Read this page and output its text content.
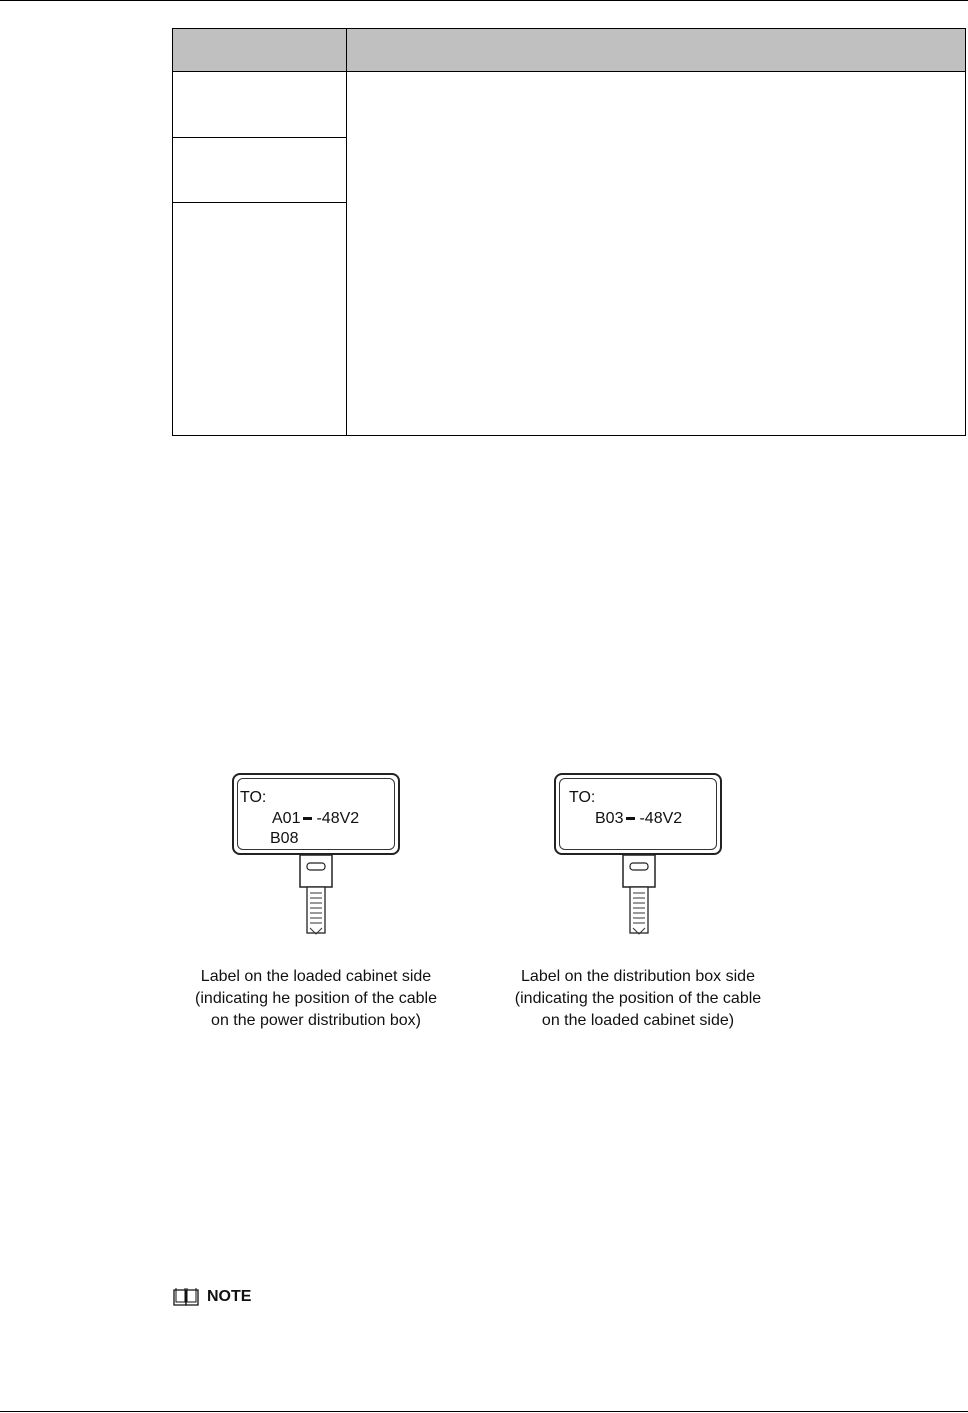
TO:
A01 -48V2
B08
Label on the loaded cabinet side
(indicating he position of the cable
on the power distribution box)
TO:
B03 -48V2
Label on the distribution box side
(indicating the position of the cable
on the loaded cabinet side)
NOTE
